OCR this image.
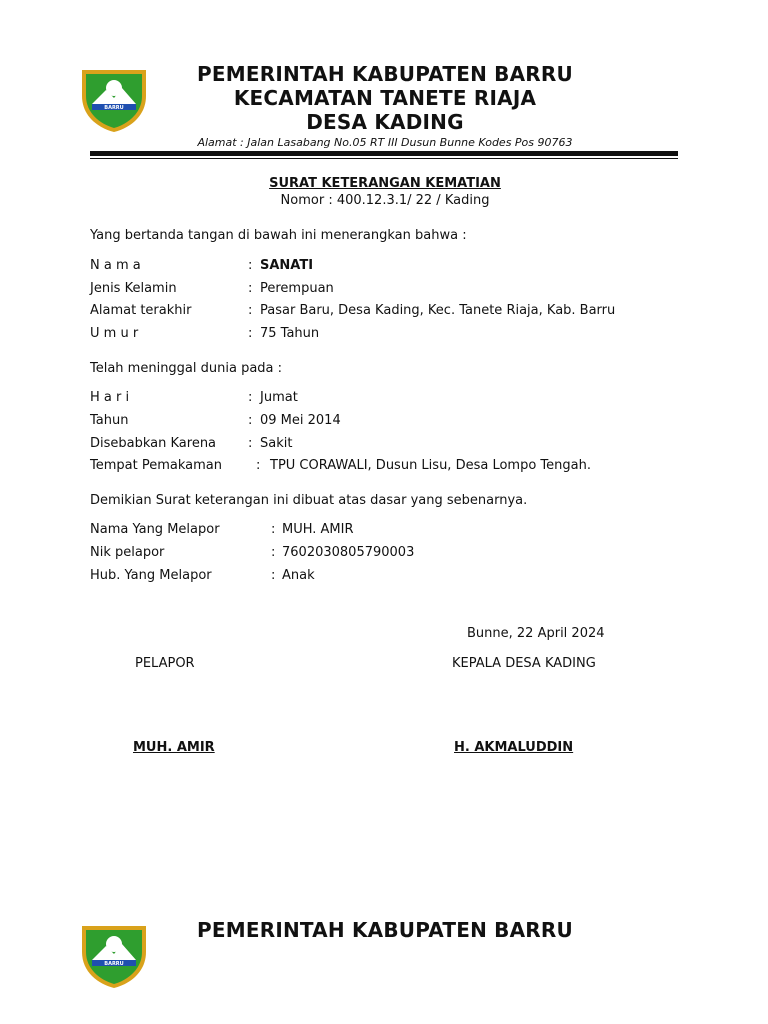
BARRU
PEMERINTAH KABUPATEN BARRU
KECAMATAN TANETE RIAJA
DESA KADING
Alamat : Jalan Lasabang No.05 RT III Dusun Bunne Kodes Pos 90763
SURAT KETERANGAN KEMATIAN
Nomor : 400.12.3.1/ 22 / Kading
Yang bertanda tangan di bawah ini menerangkan bahwa :
N a m a	: SANATI
Jenis Kelamin	: Perempuan
Alamat terakhir	: Pasar Baru, Desa Kading, Kec. Tanete Riaja, Kab. Barru
U m u r	: 75 Tahun
Telah meninggal dunia pada :
H a r i	: Jumat
Tahun	: 09 Mei 2014
Disebabkan Karena : Sakit
Tempat Pemakaman	: TPU CORAWALI, Dusun Lisu, Desa Lompo Tengah.
Demikian Surat keterangan ini dibuat atas dasar yang sebenarnya.
Nama Yang Melapor	: MUH. AMIR
Nik pelapor	: 7602030805790003
Hub. Yang Melapor	: Anak
Bunne, 22 April 2024
PELAPOR	KEPALA DESA KADING
MUH. AMIR	H. AKMALUDDIN
BARRU
PEMERINTAH KABUPATEN BARRU
